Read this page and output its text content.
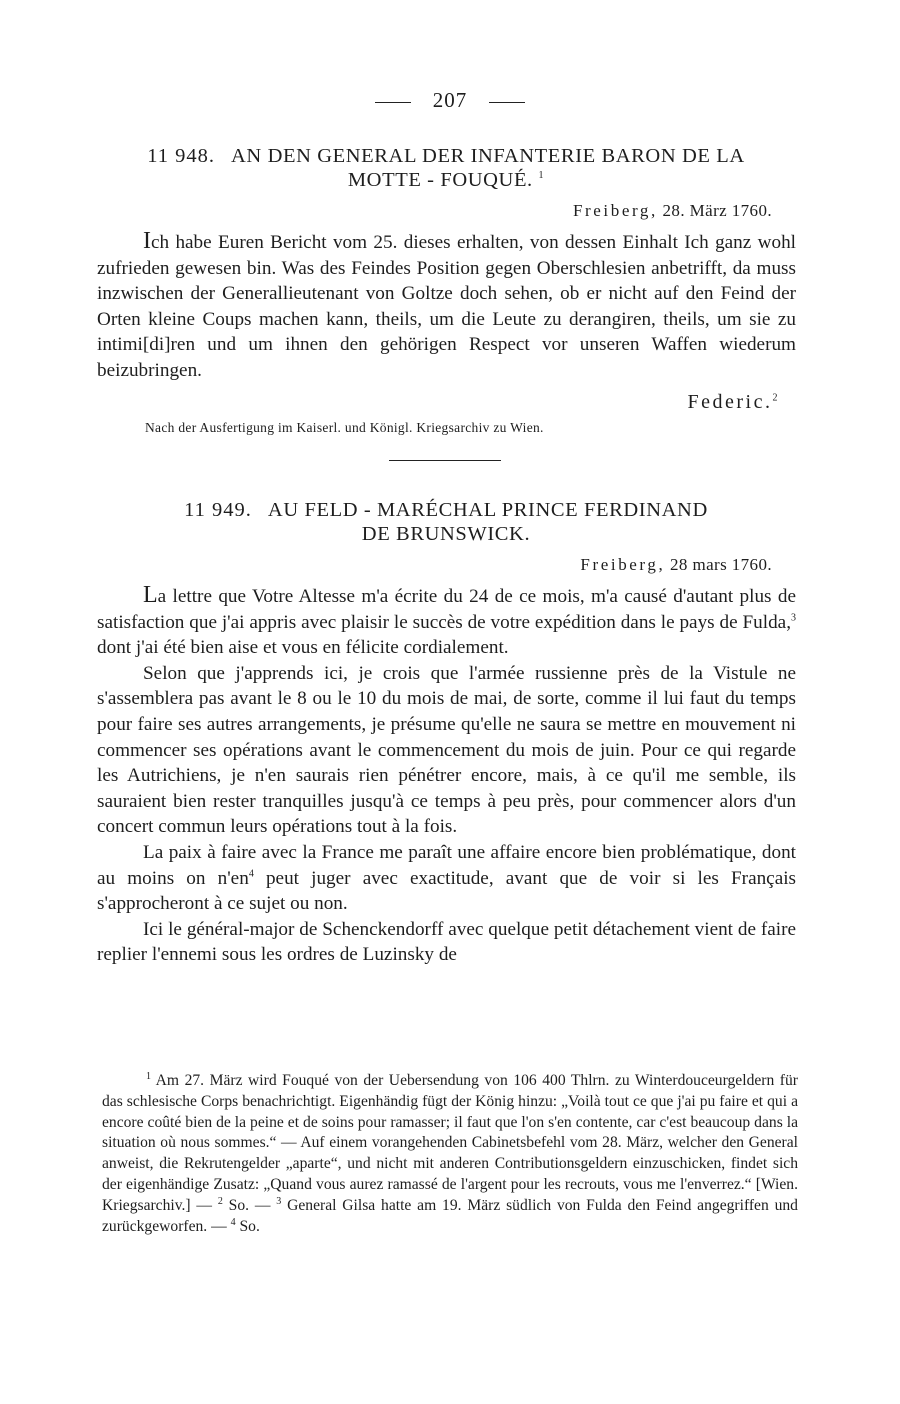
207
11 948. AN DEN GENERAL DER INFANTERIE BARON DE LA
MOTTE - FOUQUÉ. $^1$
Freiberg, 28. März 1760.

Ich habe Euren Bericht vom 25. dieses erhalten, von dessen Einhalt Ich ganz wohl zufrieden gewesen bin. Was des Feindes Position gegen Oberschlesien anbetrifft, da muss inzwischen der Generallieutenant von Goltze doch sehen, ob er nicht auf den Feind der Orten kleine Coups machen kann, theils, um die Leute zu derangiren, theils, um sie zu intimi[di]ren und um ihnen den gehörigen Respect vor unseren Waffen wiederum beizubringen.

Federic.$^2$
Nach der Ausfertigung im Kaiserl. und Königl. Kriegsarchiv zu Wien.
11 949. AU FELD - MARÉCHAL PRINCE FERDINAND
DE BRUNSWICK.
Freiberg, 28 mars 1760.

La lettre que Votre Altesse m'a écrite du 24 de ce mois, m'a causé d'autant plus de satisfaction que j'ai appris avec plaisir le succès de votre expédition dans le pays de Fulda,$^3$ dont j'ai été bien aise et vous en félicite cordialement.

Selon que j'apprends ici, je crois que l'armée russienne près de la Vistule ne s'assemblera pas avant le 8 ou le 10 du mois de mai, de sorte, comme il lui faut du temps pour faire ses autres arrangements, je présume qu'elle ne saura se mettre en mouvement ni commencer ses opérations avant le commencement du mois de juin. Pour ce qui regarde les Autrichiens, je n'en saurais rien pénétrer encore, mais, à ce qu'il me semble, ils sauraient bien rester tranquilles jusqu'à ce temps à peu près, pour commencer alors d'un concert commun leurs opérations tout à la fois.

La paix à faire avec la France me paraît une affaire encore bien problématique, dont au moins on $n'en^4$ peut juger avec exactitude, avant que de voir si les Français s'approcheront à ce sujet ou non.

Ici le général-major de Schenckendorff avec quelque petit détachement vient de faire replier l'ennemi sous les ordres de Luzinsky de

$^1$ Am 27. März wird Fouqué von der Uebersendung von 106 400 Thlrn. zu Winterdouceurgeldern für das schlesische Corps benachrichtigt. Eigenhändig fügt der König hinzu: „Voilà tout ce que j'ai pu faire et qui a encore coûté bien de la peine et de soins pour ramasser; il faut que l'on s'en contente, car c'est beaucoup dans la situation où nous sommes.“ — Auf einem vorangehenden Cabinetsbefehl vom 28. März, welcher den General anweist, die Rekrutengelder „aparte“, und nicht mit anderen Contributionsgeldern einzuschicken, findet sich der eigenhändige Zusatz: „Quand vous aurez ramassé de l'argent pour les recrouts, vous me l'enverrez.“ [Wien. Kriegsarchiv.] — $^2$ So. — $^3$ General Gilsa hatte am 19. März südlich von Fulda den Feind angegriffen und zurückgeworfen. — $^4$ So.
